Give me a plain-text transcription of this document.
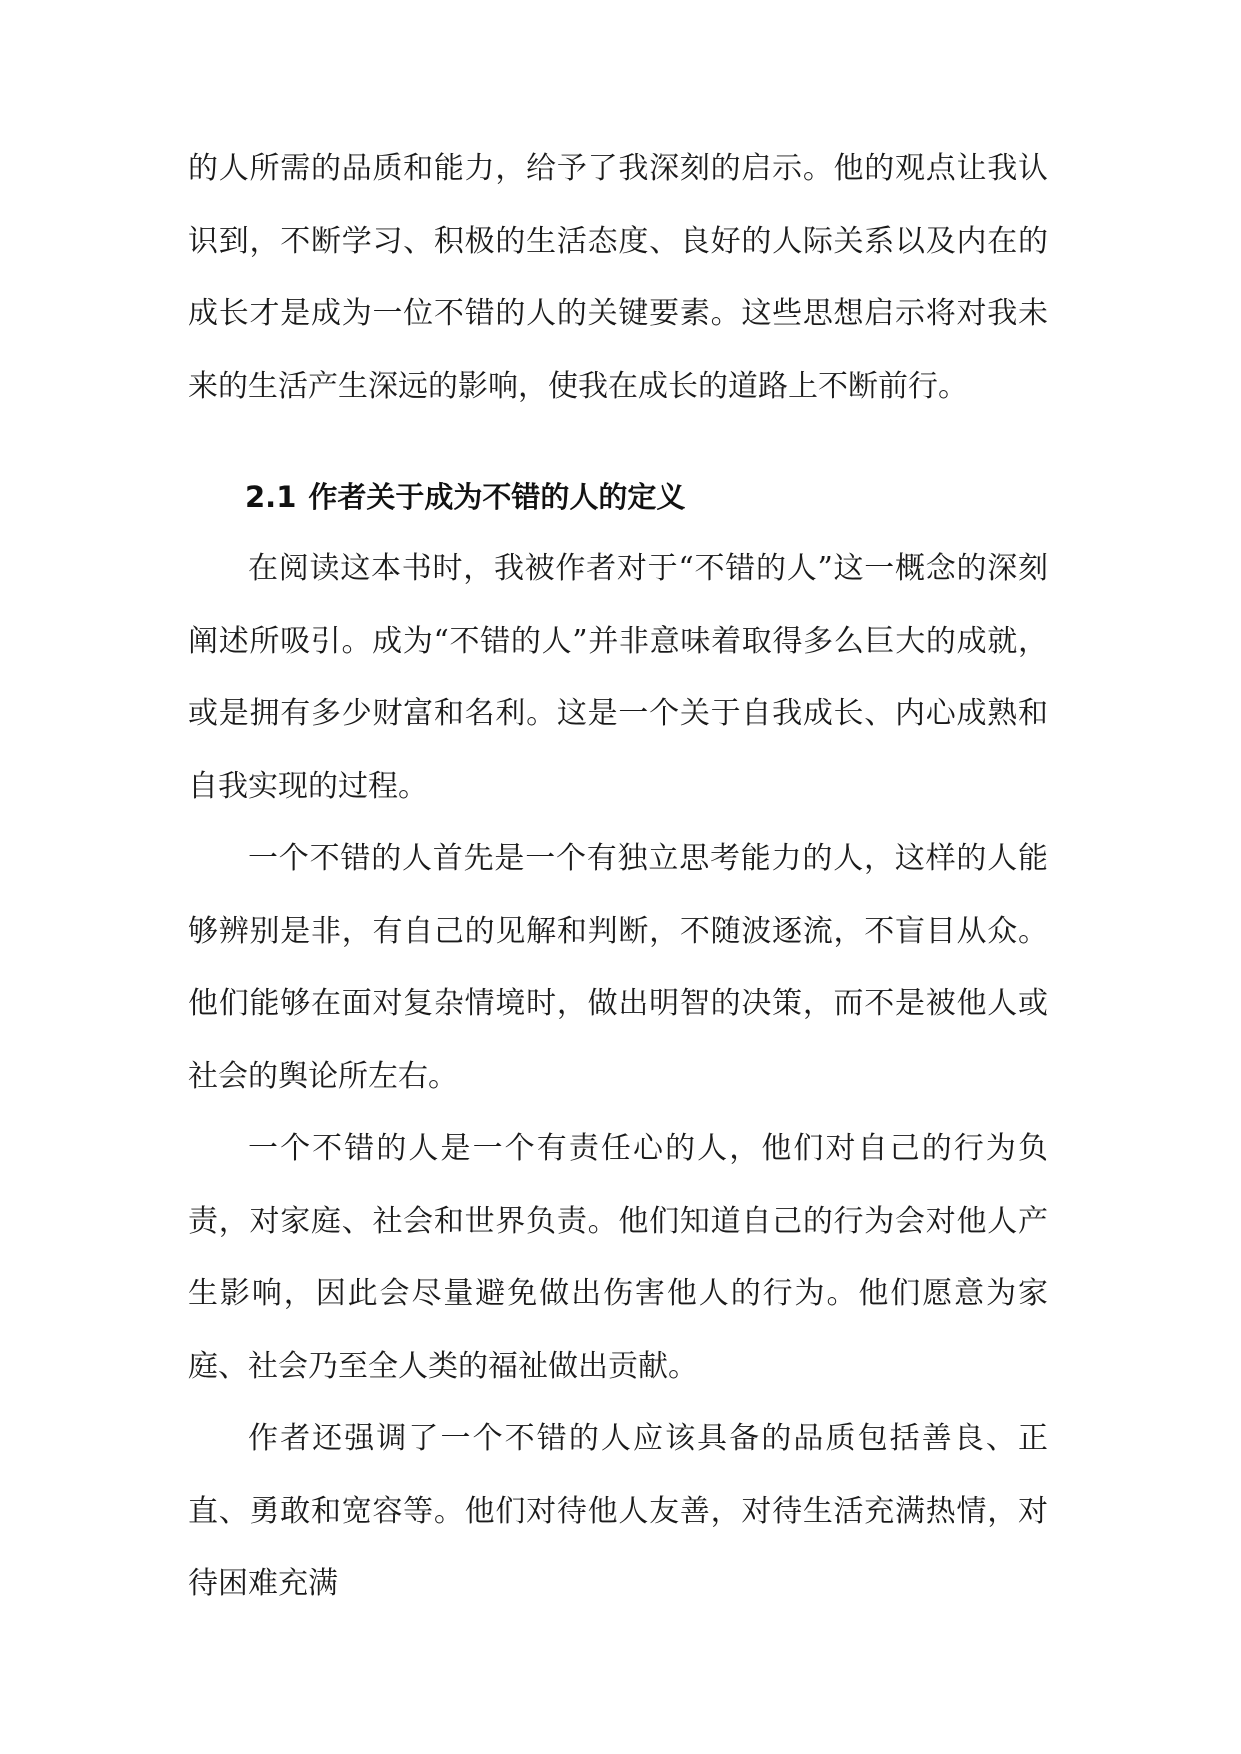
的人所需的品质和能力，给予了我深刻的启示。他的观点让我认识到，不断学习、积极的生活态度、良好的人际关系以及内在的成长才是成为一位不错的人的关键要素。这些思想启示将对我未来的生活产生深远的影响，使我在成长的道路上不断前行。

2.1 作者关于成为不错的人的定义

在阅读这本书时，我被作者对于“不错的人”这一概念的深刻阐述所吸引。成为“不错的人”并非意味着取得多么巨大的成就，或是拥有多少财富和名利。这是一个关于自我成长、内心成熟和自我实现的过程。

一个不错的人首先是一个有独立思考能力的人，这样的人能够辨别是非，有自己的见解和判断，不随波逐流，不盲目从众。他们能够在面对复杂情境时，做出明智的决策，而不是被他人或社会的舆论所左右。

一个不错的人是一个有责任心的人，他们对自己的行为负责，对家庭、社会和世界负责。他们知道自己的行为会对他人产生影响，因此会尽量避免做出伤害他人的行为。他们愿意为家庭、社会乃至全人类的福祉做出贡献。

作者还强调了一个不错的人应该具备的品质包括善良、正直、勇敢和宽容等。他们对待他人友善，对待生活充满热情，对待困难充满
